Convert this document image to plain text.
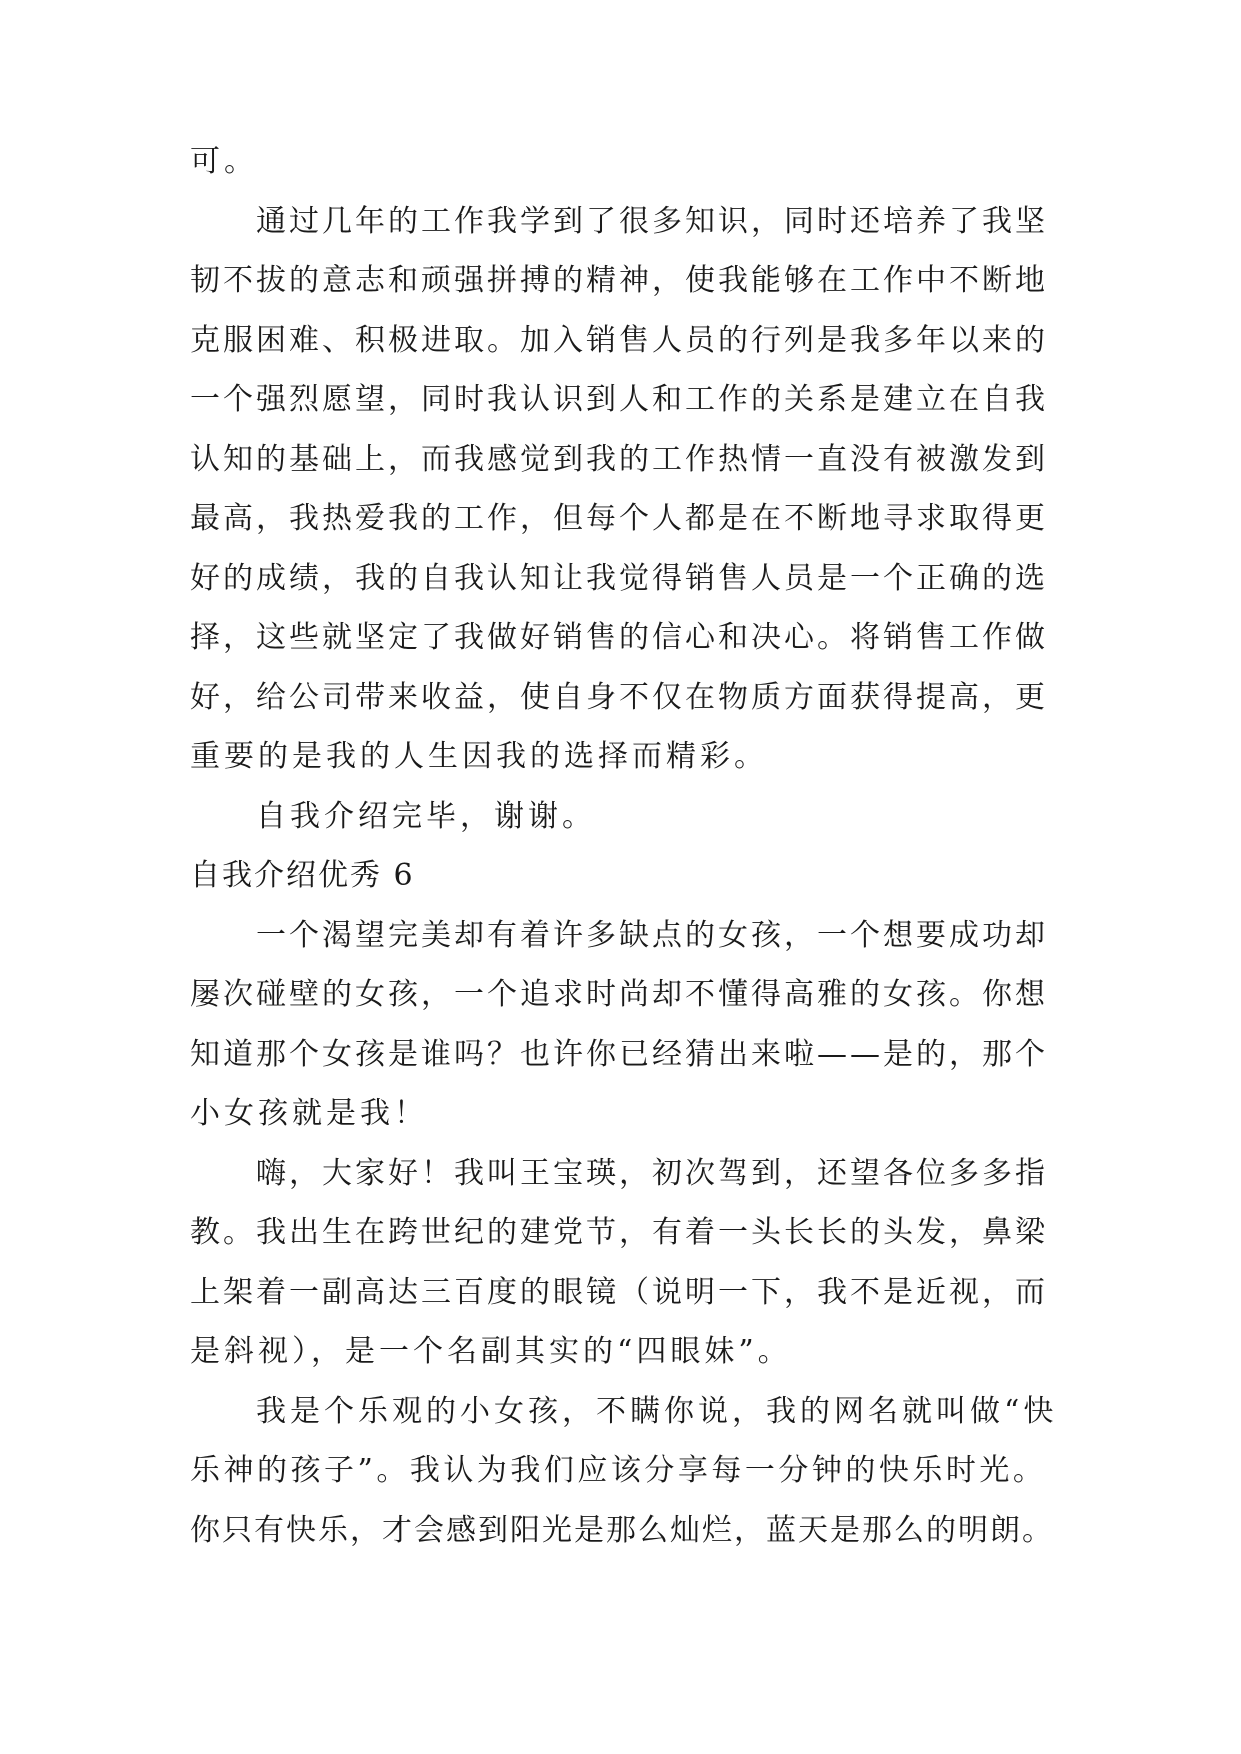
可。
通过几年的工作我学到了很多知识，同时还培养了我坚
韧不拔的意志和顽强拼搏的精神，使我能够在工作中不断地
克服困难、积极进取。加入销售人员的行列是我多年以来的
一个强烈愿望，同时我认识到人和工作的关系是建立在自我
认知的基础上，而我感觉到我的工作热情一直没有被激发到
最高，我热爱我的工作，但每个人都是在不断地寻求取得更
好的成绩，我的自我认知让我觉得销售人员是一个正确的选
择，这些就坚定了我做好销售的信心和决心。将销售工作做
好，给公司带来收益，使自身不仅在物质方面获得提高，更
重要的是我的人生因我的选择而精彩。
自我介绍完毕，谢谢。
自我介绍优秀 6
一个渴望完美却有着许多缺点的女孩，一个想要成功却
屡次碰壁的女孩，一个追求时尚却不懂得高雅的女孩。你想
知道那个女孩是谁吗？也许你已经猜出来啦——是的，那个
小女孩就是我！
嗨，大家好！我叫王宝瑛，初次驾到，还望各位多多指
教。我出生在跨世纪的建党节，有着一头长长的头发，鼻梁
上架着一副高达三百度的眼镜（说明一下，我不是近视，而
是斜视），是一个名副其实的“四眼妹”。
我是个乐观的小女孩，不瞒你说，我的网名就叫做“快
乐神的孩子”。我认为我们应该分享每一分钟的快乐时光。
你只有快乐，才会感到阳光是那么灿烂，蓝天是那么的明朗。
